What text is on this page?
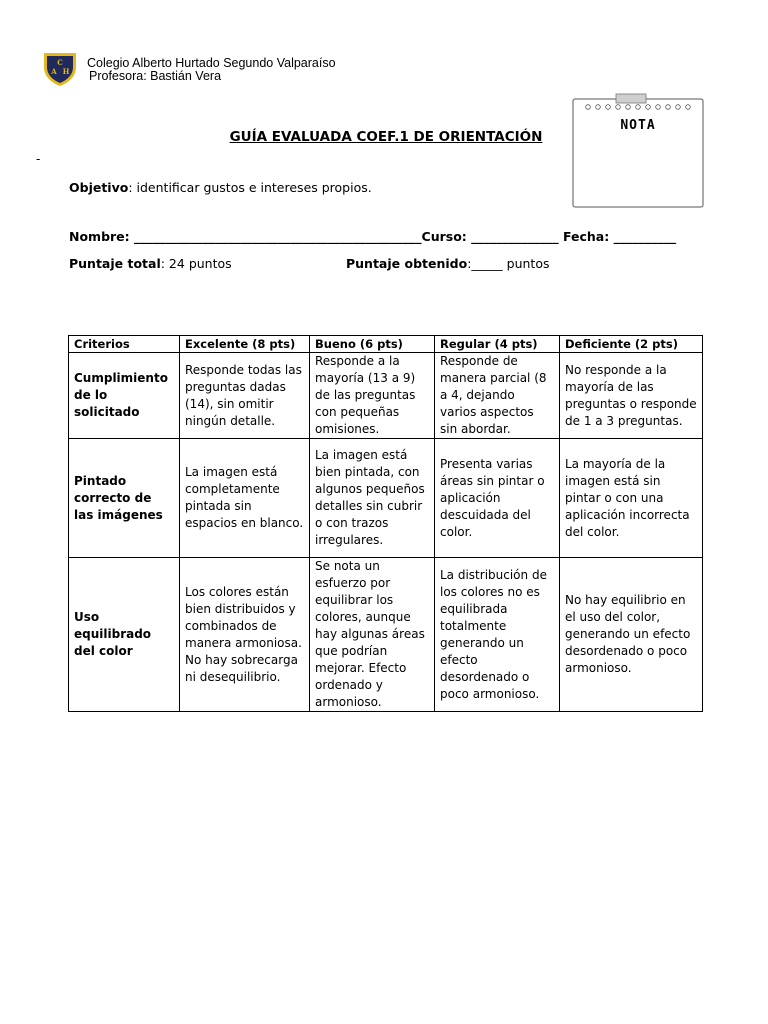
C
A H
Colegio Alberto Hurtado Segundo Valparaíso
Profesora: Bastián Vera
NOTA
GUÍA EVALUADA COEF.1 DE ORIENTACIÓN
-
Objetivo: identificar gustos e intereses propios.
Nombre: ______________________________________________Curso: ______________ Fecha: __________
Puntaje total: 24 puntos	Puntaje obtenido:_____ puntos
Criterios	Excelente (8 pts)	Bueno (6 pts)	Regular (4 pts)	Deficiente (2 pts)
Cumplimiento de lo solicitado	Responde todas las preguntas dadas (14), sin omitir ningún detalle.	Responde a la mayoría (13 a 9) de las preguntas con pequeñas omisiones.	Responde de manera parcial (8 a 4, dejando varios aspectos sin abordar.	No responde a la mayoría de las preguntas o responde de 1 a 3 preguntas.
Pintado correcto de las imágenes	La imagen está completamente pintada sin espacios en blanco.	La imagen está bien pintada, con algunos pequeños detalles sin cubrir o con trazos irregulares.	Presenta varias áreas sin pintar o aplicación descuidada del color.	La mayoría de la imagen está sin pintar o con una aplicación incorrecta del color.
Uso equilibrado del color	Los colores están bien distribuidos y combinados de manera armoniosa. No hay sobrecarga ni desequilibrio.	Se nota un esfuerzo por equilibrar los colores, aunque hay algunas áreas que podrían mejorar. Efecto ordenado y armonioso.	La distribución de los colores no es equilibrada totalmente generando un efecto desordenado o poco armonioso.	No hay equilibrio en el uso del color, generando un efecto desordenado o poco armonioso.
